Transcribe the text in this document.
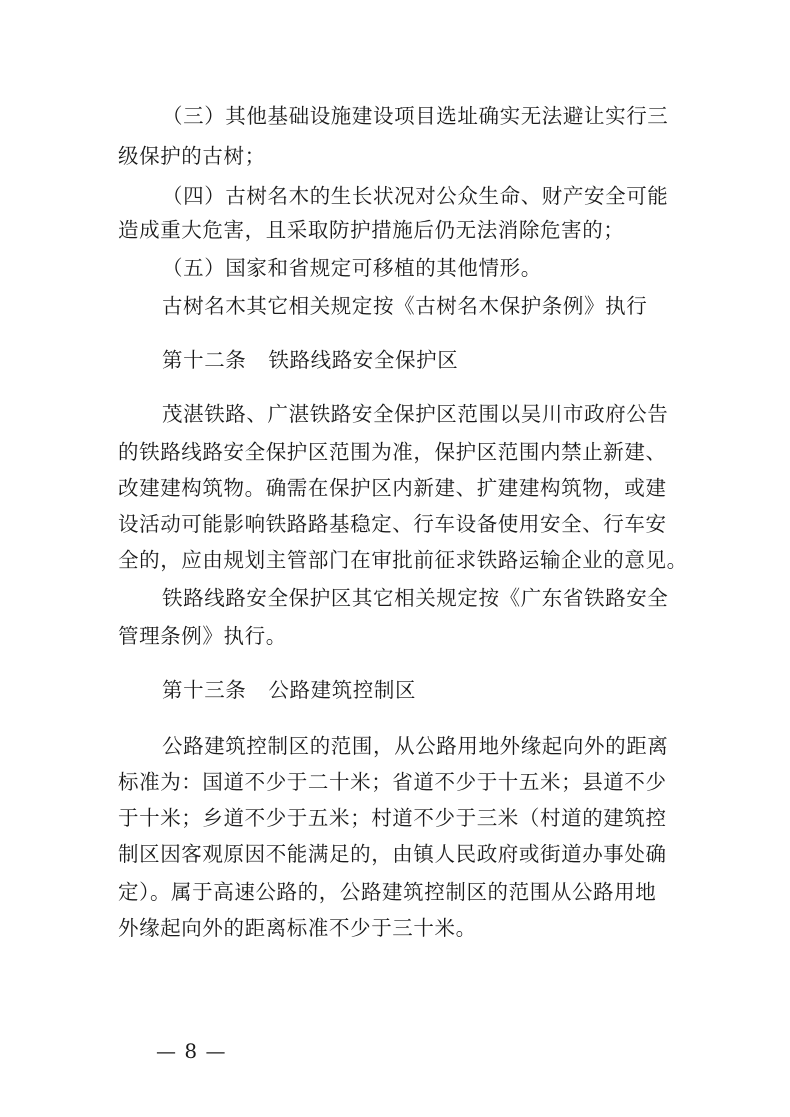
（三）其他基础设施建设项目选址确实无法避让实行三
级保护的古树；
（四）古树名木的生长状况对公众生命、财产安全可能
造成重大危害，且采取防护措施后仍无法消除危害的；
（五）国家和省规定可移植的其他情形。
古树名木其它相关规定按《古树名木保护条例》执行
第十二条 铁路线路安全保护区
茂湛铁路、广湛铁路安全保护区范围以吴川市政府公告
的铁路线路安全保护区范围为准，保护区范围内禁止新建、
改建建构筑物。确需在保护区内新建、扩建建构筑物，或建
设活动可能影响铁路路基稳定、行车设备使用安全、行车安
全的，应由规划主管部门在审批前征求铁路运输企业的意见。
铁路线路安全保护区其它相关规定按《广东省铁路安全
管理条例》执行。
第十三条 公路建筑控制区
公路建筑控制区的范围，从公路用地外缘起向外的距离
标准为：国道不少于二十米；省道不少于十五米；县道不少
于十米；乡道不少于五米；村道不少于三米（村道的建筑控
制区因客观原因不能满足的，由镇人民政府或街道办事处确
定）。属于高速公路的，公路建筑控制区的范围从公路用地
外缘起向外的距离标准不少于三十米。
— 8 —
